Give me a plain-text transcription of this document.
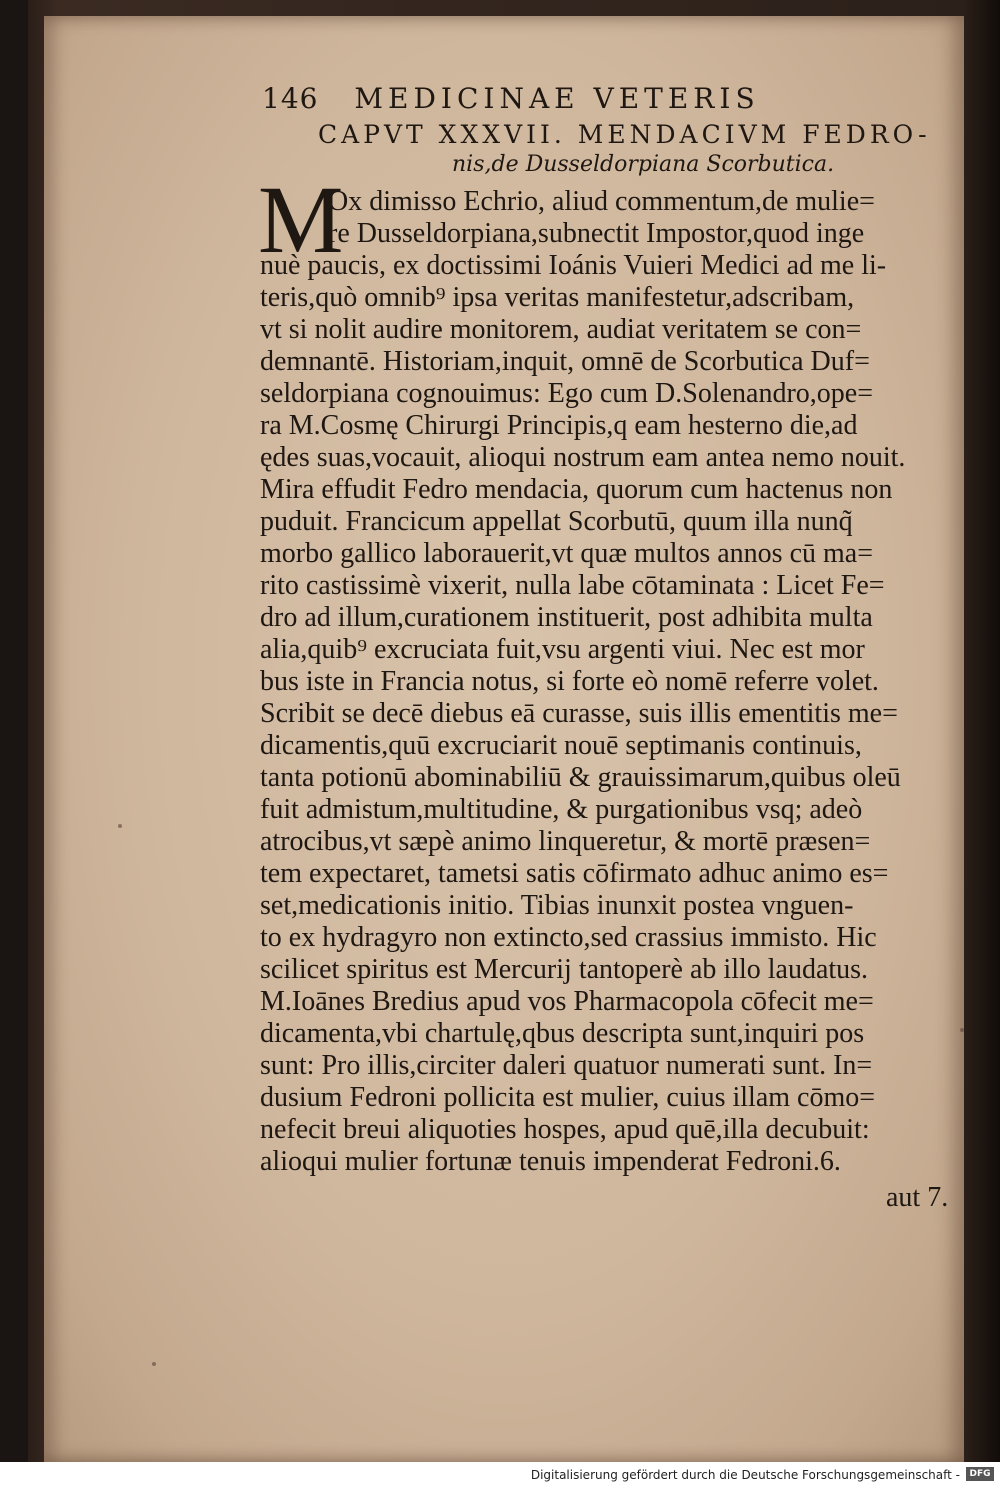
146 MEDICINAE VETERIS
CAPVT XXXVII. MENDACIVM FEDRO-
nis,de Dusseldorpiana Scorbutica.
M
Ox dimisso Echrio, aliud commentum,de mulie=
re Dusseldorpiana,subnectit Impostor,quod inge
nuè paucis, ex doctissimi Ioánis Vuieri Medici ad me li-
teris,quò omnib⁹ ipsa veritas manifestetur,adscribam,
vt si nolit audire monitorem, audiat veritatem se con=
demnantē. Historiam,inquit, omnē de Scorbutica Duf=
seldorpiana cognouimus: Ego cum D.Solenandro,ope=
ra M.Cosmę Chirurgi Principis,q eam hesterno die,ad
ędes suas,vocauit, alioqui nostrum eam antea nemo nouit.
Mira effudit Fedro mendacia, quorum cum hactenus non
puduit. Francicum appellat Scorbutū, quum illa nunq̃
morbo gallico laborauerit,vt quæ multos annos cū ma=
rito castissimè vixerit, nulla labe cōtaminata : Licet Fe=
dro ad illum,curationem instituerit, post adhibita multa
alia,quib⁹ excruciata fuit,vsu argenti viui. Nec est mor
bus iste in Francia notus, si forte eò nomē referre volet.
Scribit se decē diebus eā curasse, suis illis ementitis me=
dicamentis,quū excruciarit nouē septimanis continuis,
tanta potionū abominabiliū & grauissimarum,quibus oleū
fuit admistum,multitudine, & purgationibus vsq; adeò
atrocibus,vt sæpè animo linqueretur, & mortē præsen=
tem expectaret, tametsi satis cōfirmato adhuc animo es=
set,medicationis initio. Tibias inunxit postea vnguen-
to ex hydragyro non extincto,sed crassius immisto. Hic
scilicet spiritus est Mercurij tantoperè ab illo laudatus.
M.Ioānes Bredius apud vos Pharmacopola cōfecit me=
dicamenta,vbi chartulę,qbus descripta sunt,inquiri pos
sunt: Pro illis,circiter daleri quatuor numerati sunt. In=
dusium Fedroni pollicita est mulier, cuius illam cōmo=
nefecit breui aliquoties hospes, apud quē,illa decubuit:
alioqui mulier fortunæ tenuis impenderat Fedroni.6.
aut 7.
Digitalisierung gefördert durch die Deutsche Forschungsgemeinschaft -	DFG
